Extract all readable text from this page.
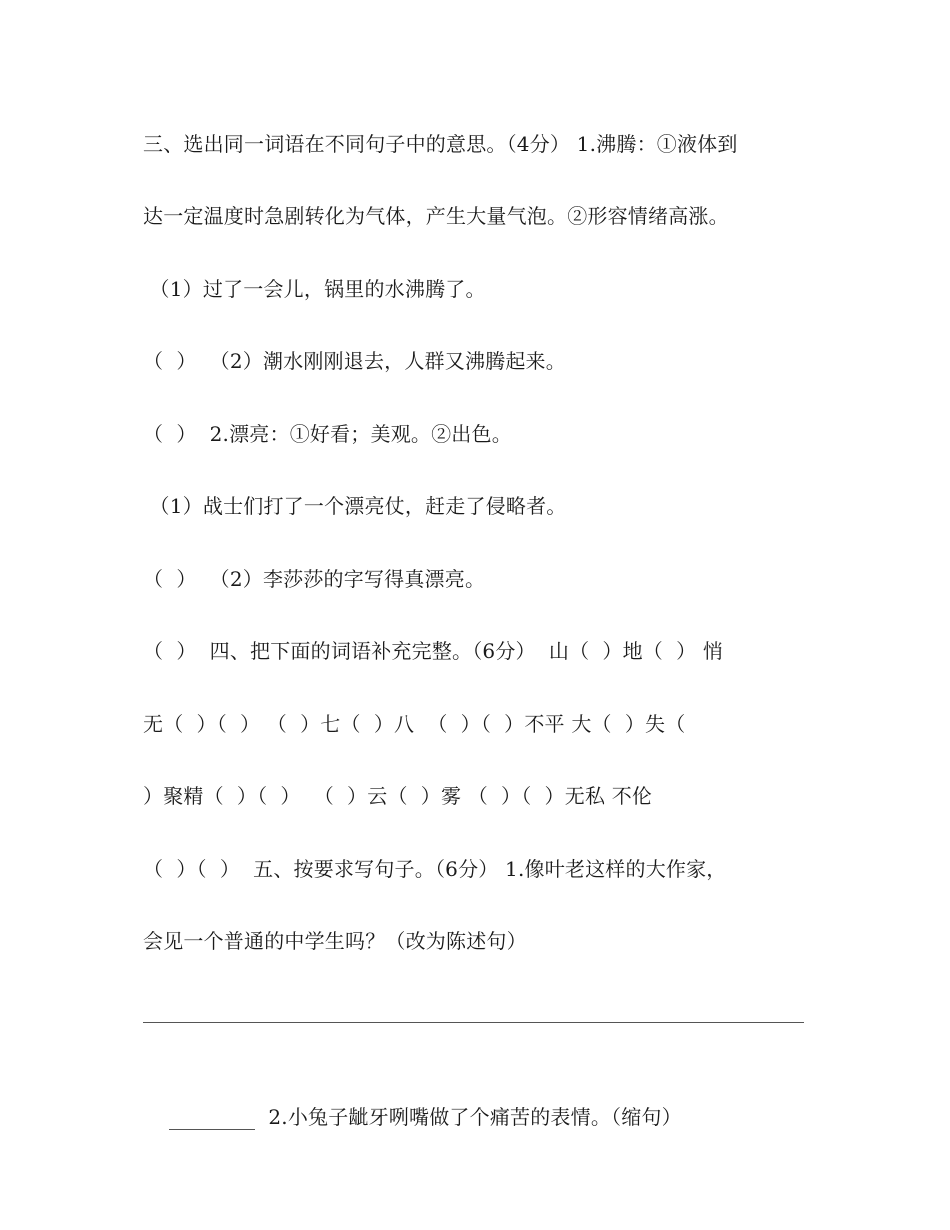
三、选出同一词语在不同句子中的意思。（4分） 1.沸腾：①液体到
达一定温度时急剧转化为气体，产生大量气泡。②形容情绪高涨。
（1）过了一会儿，锅里的水沸腾了。
（  ）  （2）潮水刚刚退去，人群又沸腾起来。
（  ）  2.漂亮：①好看；美观。②出色。
（1）战士们打了一个漂亮仗，赶走了侵略者。
（  ）  （2）李莎莎的字写得真漂亮。
（  ）  四、把下面的词语补充完整。（6分）  山（  ）地（  ） 悄
无（  ）（  ） （  ）七（  ）八  （  ）（  ）不平 大（  ）失（
）聚精（  ）（  ）  （  ）云（  ）雾 （  ）（  ）无私 不伦
（  ）（  ）  五、按要求写句子。（6分） 1.像叶老这样的大作家，
会见一个普通的中学生吗？（改为陈述句）

2.小兔子龇牙咧嘴做了个痛苦的表情。（缩句）
